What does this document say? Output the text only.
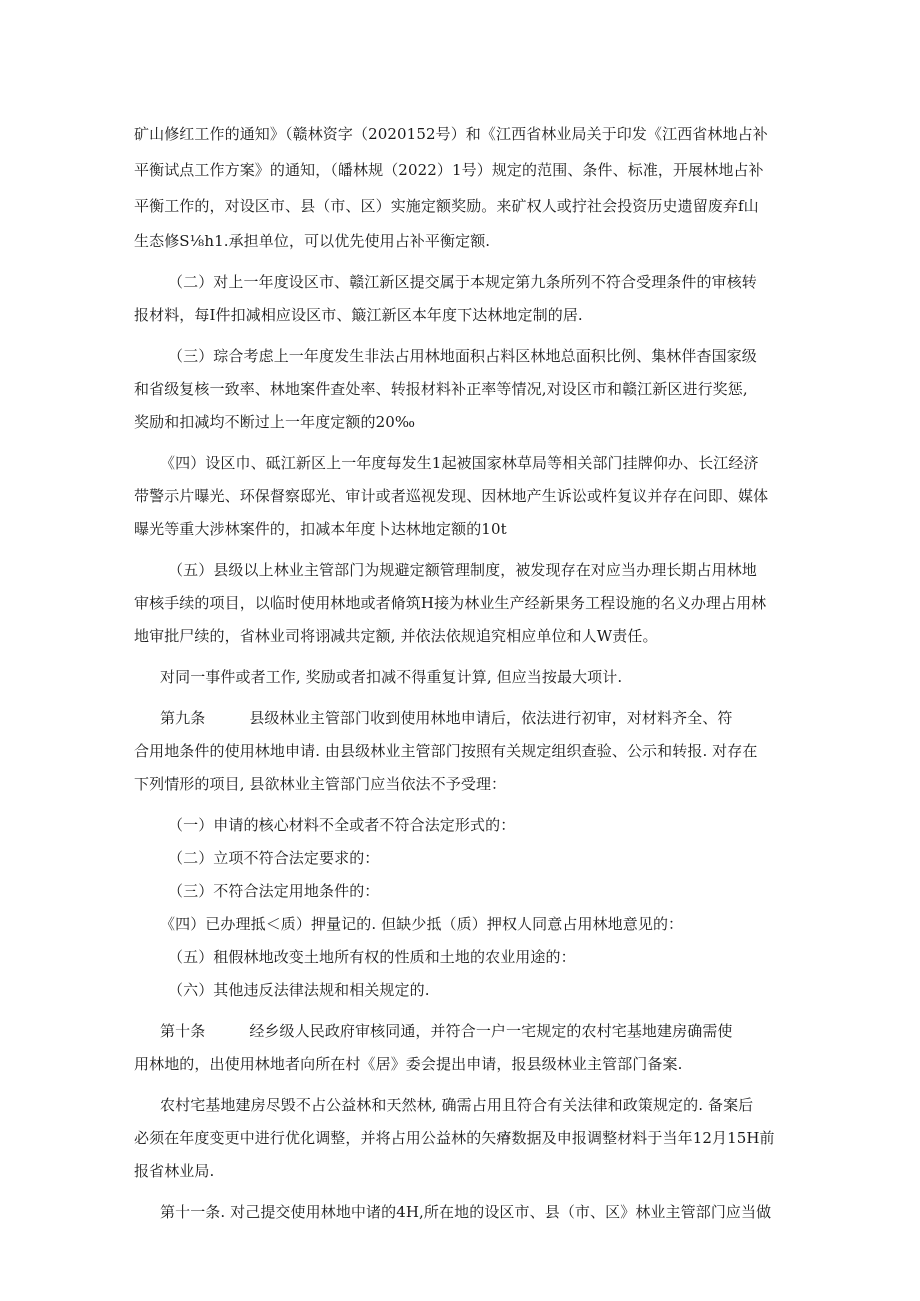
矿山修红工作的通知》（赣林资字（2020152号）和《江西省林业局关于印发《江西省林地占补
平衡试点工作方案》的通知，（皤林规（2022）1号）规定的范围、条件、标准，开展林地占补
平衡工作的，对设区市、县（市、区）实施定额奖励。来矿权人或拧社会投资历史遗留废弃f山
生态修S⅛h1.承担单位，可以优先使用占补平衡定额.
（二）对上一年度设区市、赣江新区提交属于本规定第九条所列不符合受理条件的审核转
报材料，每I件扣减相应设区市、簸江新区本年度下达林地定制的居.
（三）琮合考虑上一年度发生非法占用林地面积占料区林地总面积比例、集林伴杳国家级
和省级复核一致率、林地案件查处率、转报材料补正率等情况,对设区市和赣江新区进行奖惩,
奖励和扣减均不断过上一年度定额的20‰
《四）设区巾、砥江新区上一年度每发生1起被国家林草局等相关部门挂牌仰办、长江经济
带警示片曝光、环保督察邸光、审计或者巡视发现、因林地产生诉讼或杵复议并存在问即、媒体
曝光等重大涉林案件的，扣减本年度卜达林地定额的10t
（五）县级以上林业主管部门为规避定额管理制度，被发现存在对应当办理长期占用林地
审核手续的项目，以临时使用林地或者脩筑H接为林业生产经新果务工程设施的名义办理占用林
地审批尸续的，省林业司将诩减共定额, 并依法依规追究相应单位和人W责任。
对同一事件或者工作, 奖励或者扣减不得重复计算, 但应当按最大项计.
第九条	县级林业主管部门收到使用林地申请后，依法进行初审，对材料齐全、符
合用地条件的使用林地申请. 由县级林业主管部门按照有关规定组织查验、公示和转报. 对存在
下列情形的项目, 县欲林业主管部门应当依法不予受理：
（一）申请的核心材料不全或者不符合法定形式的：
（二）立项不符合法定要求的：
（三）不符合法定用地条件的：
《四）已办理抵＜质）押量记的. 但缺少抵（质）押权人同意占用林地意见的：
（五）租假林地改变土地所有权的性质和土地的农业用途的：
（六）其他违反法律法规和相关规定的.
第十条	经乡级人民政府审核同通，并符合一户一宅规定的农村宅基地建房确需使
用林地的，出使用林地者向所在村《居》委会提出申请，报县级林业主管部门备案.
农村宅基地建房尽毁不占公益林和天然林, 确需占用且符合有关法律和政策规定的. 备案后
必须在年度变更中进行优化调整，并将占用公益林的矢瘠数据及申报调整材料于当年12月15H前
报省林业局.
第十一条. 对己提交使用林地中诸的4H,所在地的设区市、县（市、区》林业主管部门应当做
